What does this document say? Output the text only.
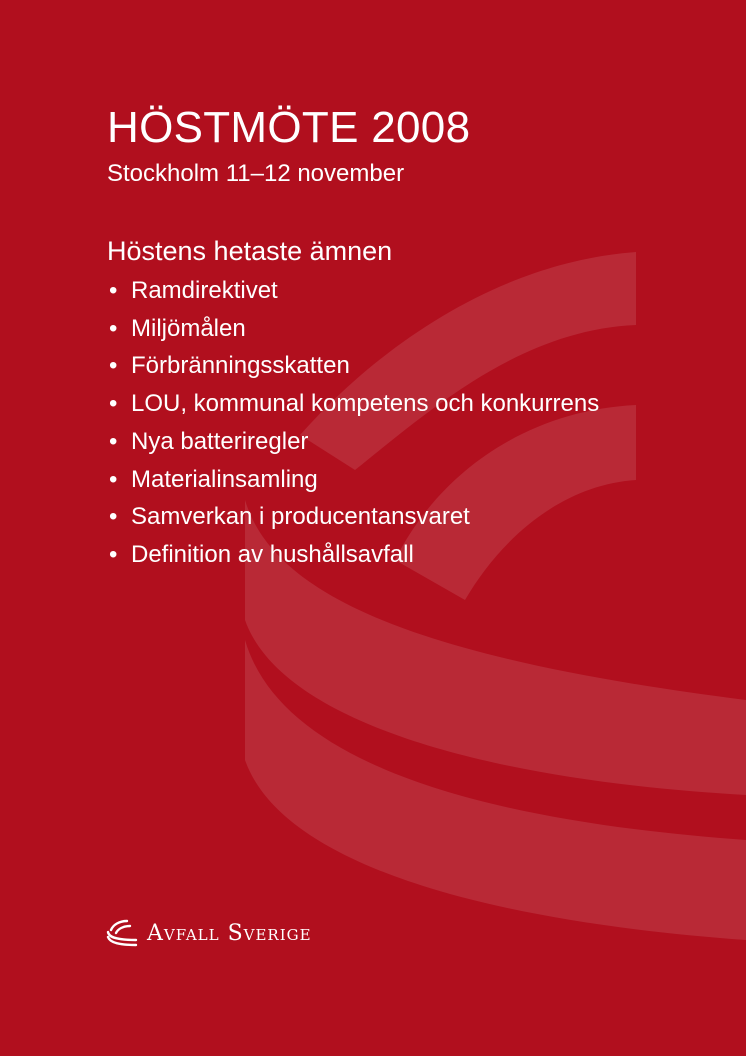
HÖSTMÖTE 2008
Stockholm 11–12 november
Höstens hetaste ämnen
• Ramdirektivet
• Miljömålen
• Förbränningsskatten
• LOU, kommunal kompetens och konkurrens
• Nya batteriregler
• Materialinsamling
• Samverkan i producentansvaret
• Definition av hushållsavfall
Avfall Sverige
